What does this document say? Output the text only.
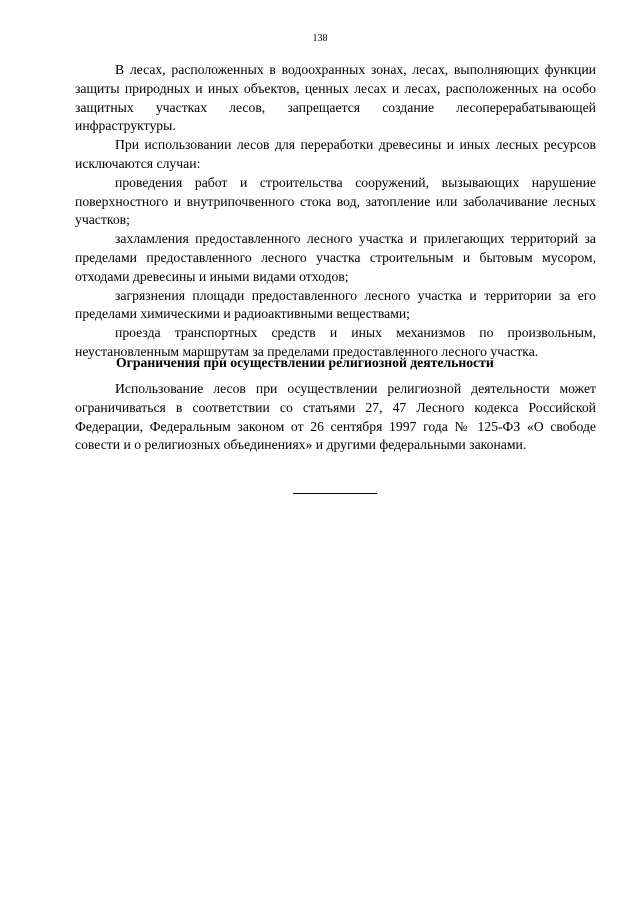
138

В лесах, расположенных в водоохранных зонах, лесах, выполняющих функции защиты природных и иных объектов, ценных лесах и лесах, расположенных на особо защитных участках лесов, запрещается создание лесоперерабатывающей инфраструктуры.

При использовании лесов для переработки древесины и иных лесных ресурсов исключаются случаи:

проведения работ и строительства сооружений, вызывающих нарушение поверхностного и внутрипочвенного стока вод, затопление или заболачивание лесных участков;

захламления предоставленного лесного участка и прилегающих территорий за пределами предоставленного лесного участка строительным и бытовым мусором, отходами древесины и иными видами отходов;

загрязнения площади предоставленного лесного участка и территории за его пределами химическими и радиоактивными веществами;

проезда транспортных средств и иных механизмов по произвольным, неустановленным маршрутам за пределами предоставленного лесного участка.

Ограничения при осуществлении религиозной деятельности

Использование лесов при осуществлении религиозной деятельности может ограничиваться в соответствии со статьями 27, 47 Лесного кодекса Российской Федерации, Федеральным законом от 26 сентября 1997 года № 125-ФЗ «О свободе совести и о религиозных объединениях» и другими федеральными законами.
